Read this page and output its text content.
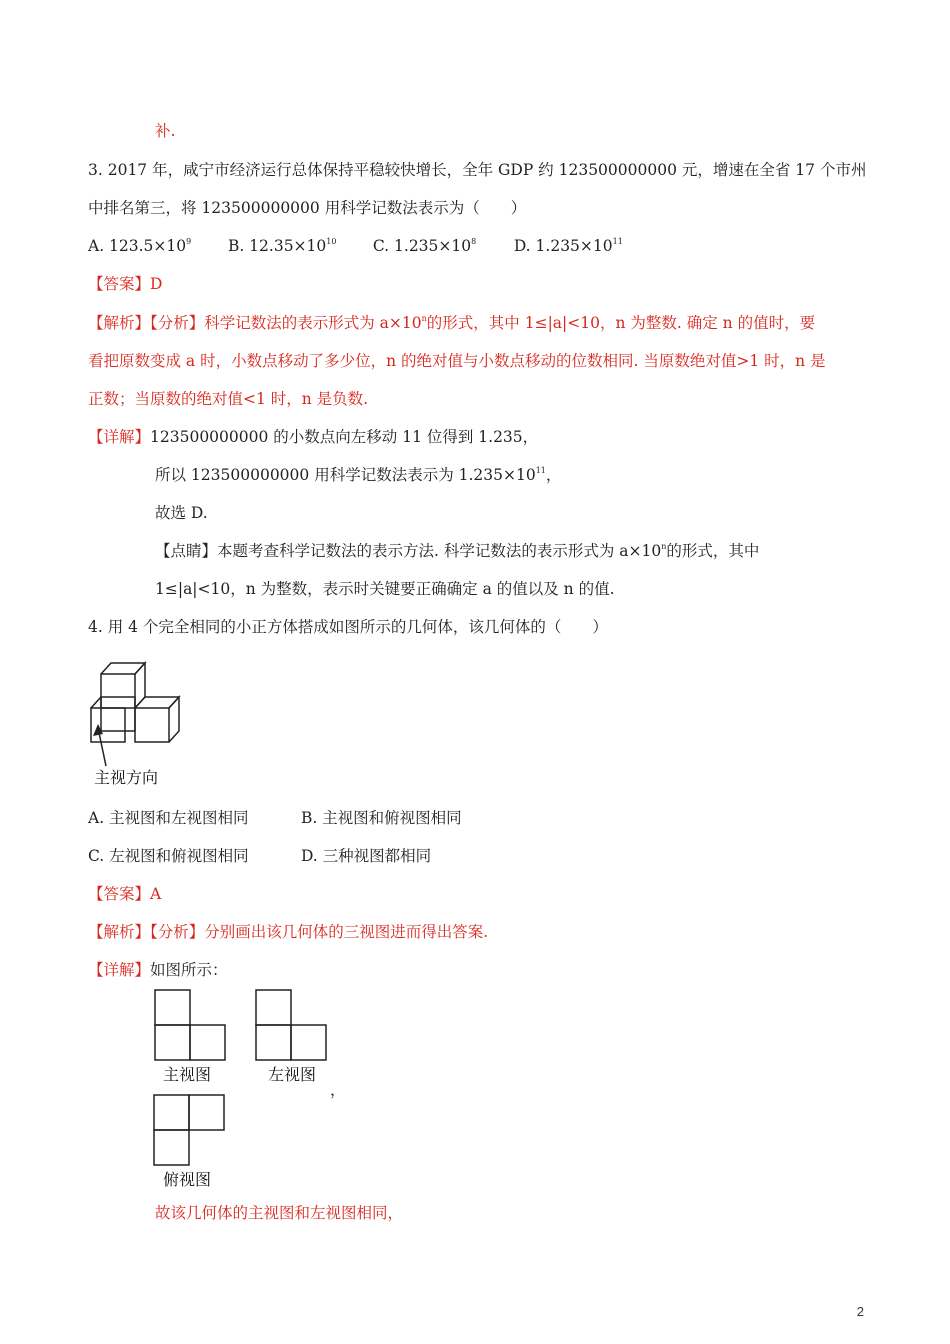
补.
3. 2017 年，咸宁市经济运行总体保持平稳较快增长，全年 GDP 约 123500000000 元，增速在全省 17 个市州
中排名第三，将 123500000000 用科学记数法表示为（　　）
A. $123.5\times 10^9$ B. $12.35\times 10^{10}$ C. $1.235\times 10^8$ D. $1.235\times 10^{11}$
【答案】D
【解析】【分析】科学记数法的表示形式为 $a\times 10^n$的形式，其中 1≤|a|<10，n 为整数. 确定 n 的值时，要
看把原数变成 a 时，小数点移动了多少位，n 的绝对值与小数点移动的位数相同. 当原数绝对值>1 时，n 是
正数；当原数的绝对值<1 时，n 是负数.
【详解】123500000000 的小数点向左移动 11 位得到 1.235，
所以 123500000000 用科学记数法表示为 $1.235\times 10^{11}$，
故选 D.
【点睛】本题考查科学记数法的表示方法. 科学记数法的表示形式为 $a\times 10^n$的形式，其中
1≤|a|<10，n 为整数，表示时关键要正确确定 a 的值以及 n 的值.
4. 用 4 个完全相同的小正方体搭成如图所示的几何体，该几何体的（　　）
主视方向
A. 主视图和左视图相同	B. 主视图和俯视图相同
C. 左视图和俯视图相同	D. 三种视图都相同
【答案】A
【解析】【分析】分别画出该几何体的三视图进而得出答案.
【详解】如图所示：
主视图	左视图
，
俯视图
故该几何体的主视图和左视图相同，
2
